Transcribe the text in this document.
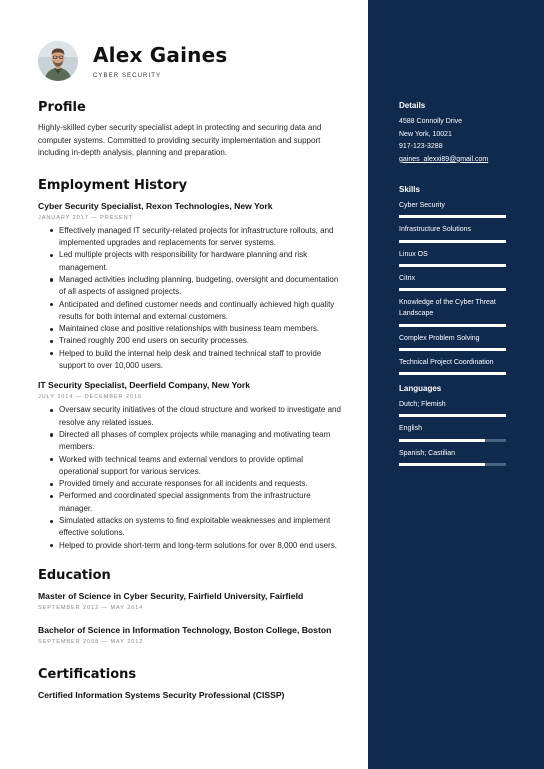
Alex Gaines
CYBER SECURITY
Profile
Highly-skilled cyber security specialist adept in protecting and securing data and computer systems. Committed to providing security implementation and support including in-depth analysis, planning and preparation.
Employment History
Cyber Security Specialist, Rexon Technologies, New York
JANUARY 2017 — PRESENT
Effectively managed IT security-related projects for infrastructure rollouts, and implemented upgrades and replacements for server systems.
Led multiple projects with responsibility for hardware planning and risk management.
Managed activities including planning, budgeting, oversight and documentation of all aspects of assigned projects.
Anticipated and defined customer needs and continually achieved high quality results for both internal and external customers.
Maintained close and positive relationships with business team members.
Trained roughly 200 end users on security processes.
Helped to build the internal help desk and trained technical staff to provide support to over 10,000 users.
IT Security Specialist, Deerfield Company, New York
JULY 2014 — DECEMBER 2016
Oversaw security initiatives of the cloud structure and worked to investigate and resolve any related issues.
Directed all phases of complex projects while managing and motivating team members.
Worked with technical teams and external vendors to provide optimal operational support for various services.
Provided timely and accurate responses for all incidents and requests.
Performed and coordinated special assignments from the infrastructure manager.
Simulated attacks on systems to find exploitable weaknesses and implement effective solutions.
Helped to provide short-term and long-term solutions for over 8,000 end users.
Education
Master of Science in Cyber Security, Fairfield University, Fairfield
SEPTEMBER 2012 — MAY 2014
Bachelor of Science in Information Technology, Boston College, Boston
SEPTEMBER 2008 — MAY 2012
Certifications
Certified Information Systems Security Professional (CISSP)
Details
4588 Connolly Drive
New York, 10021
917-123-3288
gaines_alexxi89@gmail.com
Skills
Cyber Security
Infrastructure Solutions
Linux OS
Citrix
Knowledge of the Cyber Threat Landscape
Complex Problem Solving
Technical Project Coordination
Languages
Dutch; Flemish
English
Spanish; Castilian
